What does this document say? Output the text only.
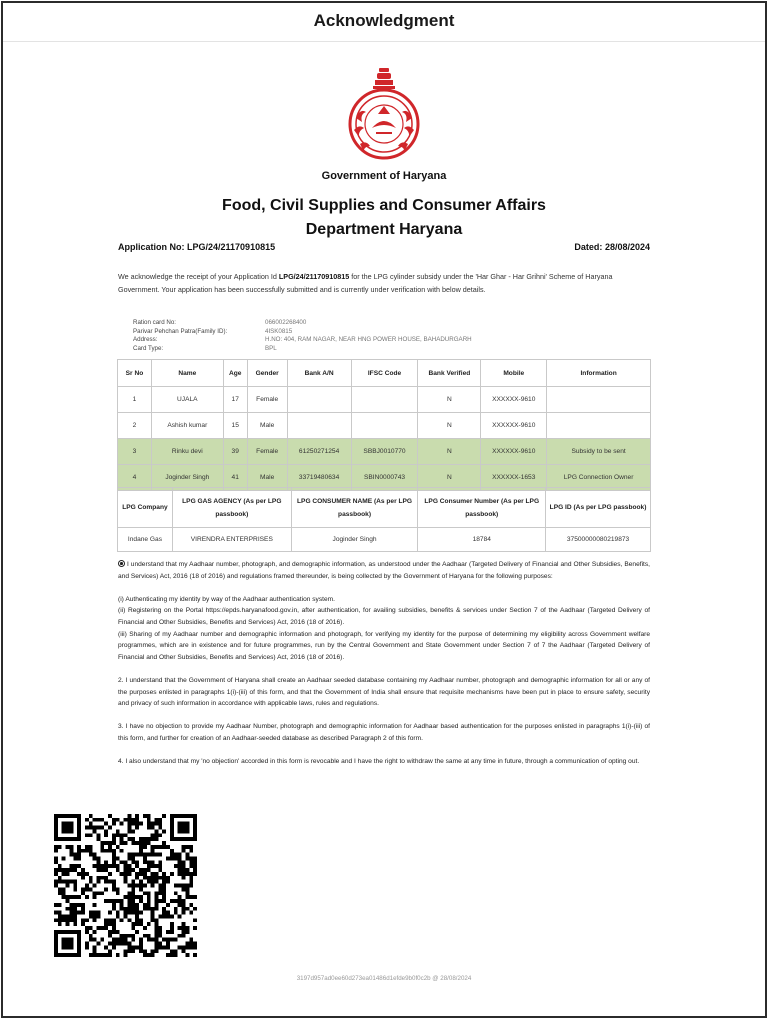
Acknowledgment
Government of Haryana
Food, Civil Supplies and Consumer Affairs
Department Haryana
Application No: LPG/24/21170910815	Dated: 28/08/2024
We acknowledge the receipt of your Application Id LPG/24/21170910815 for the LPG cylinder subsidy under the 'Har Ghar - Har Grihni' Scheme of Haryana Government. Your application has been successfully submitted and is currently under verification with below details.
Ration card No:	066002268400
Parivar Pehchan Patra(Family ID):	4ISK0815
Address:	H.NO: 404, RAM NAGAR, NEAR HNG POWER HOUSE, BAHADURGARH
Card Type:	BPL
Sr No	Name	Age	Gender	Bank A/N	IFSC Code	Bank Verified	Mobile	Information
1	UJALA	17	Female			N	XXXXXX-9610	
2	Ashish kumar	15	Male			N	XXXXXX-9610	
3	Rinku devi	39	Female	61250271254	SBBJ0010770	N	XXXXXX-9610	Subsidy to be sent
4	Joginder Singh	41	Male	33719480634	SBIN0000743	N	XXXXXX-1653	LPG Connection Owner
LPG Company	LPG GAS AGENCY (As per LPG passbook)	LPG CONSUMER NAME (As per LPG passbook)	LPG Consumer Number (As per LPG passbook)	LPG ID (As per LPG passbook)
Indane Gas	VIRENDRA ENTERPRISES	Joginder Singh	18784	37500000080219873

I understand that my Aadhaar number, photograph, and demographic information, as understood under the Aadhaar (Targeted Delivery of Financial and Other Subsidies, Benefits, and Services) Act, 2016 (18 of 2016) and regulations framed thereunder, is being collected by the Government of Haryana for the following purposes:

(i) Authenticating my identity by way of the Aadhaar authentication system.
(ii) Registering on the Portal https://epds.haryanafood.gov.in, after authentication, for availing subsidies, benefits & services under Section 7 of the Aadhaar (Targeted Delivery of Financial and Other Subsidies, Benefits and Services) Act, 2016 (18 of 2016).

(iii) Sharing of my Aadhaar number and demographic information and photograph, for verifying my identity for the purpose of determining my eligibility across Government welfare programmes, which are in existence and for future programmes, run by the Central Government and State Government under Section 7 of 7 the Aadhaar (Targeted Delivery of Financial and Other Subsidies, Benefits and Services) Act, 2016 (18 of 2016).

2. I understand that the Government of Haryana shall create an Aadhaar seeded database containing my Aadhaar number, photograph and demographic information for all or any of the purposes enlisted in paragraphs 1(i)-(iii) of this form, and that the Government of India shall ensure that requisite mechanisms have been put in place to ensure safety, security and privacy of such information in accordance with applicable laws, rules and regulations.

3. I have no objection to provide my Aadhaar Number, photograph and demographic information for Aadhaar based authentication for the purposes enlisted in paragraphs 1(i)-(iii) of this form, and further for creation of an Aadhaar-seeded database as described Paragraph 2 of this form.

4. I also understand that my 'no objection' accorded in this form is revocable and I have the right to withdraw the same at any time in future, through a communication of opting out.

3197d957ad0ee60d273ea01486d1efde9b0f0c2b @ 28/08/2024
